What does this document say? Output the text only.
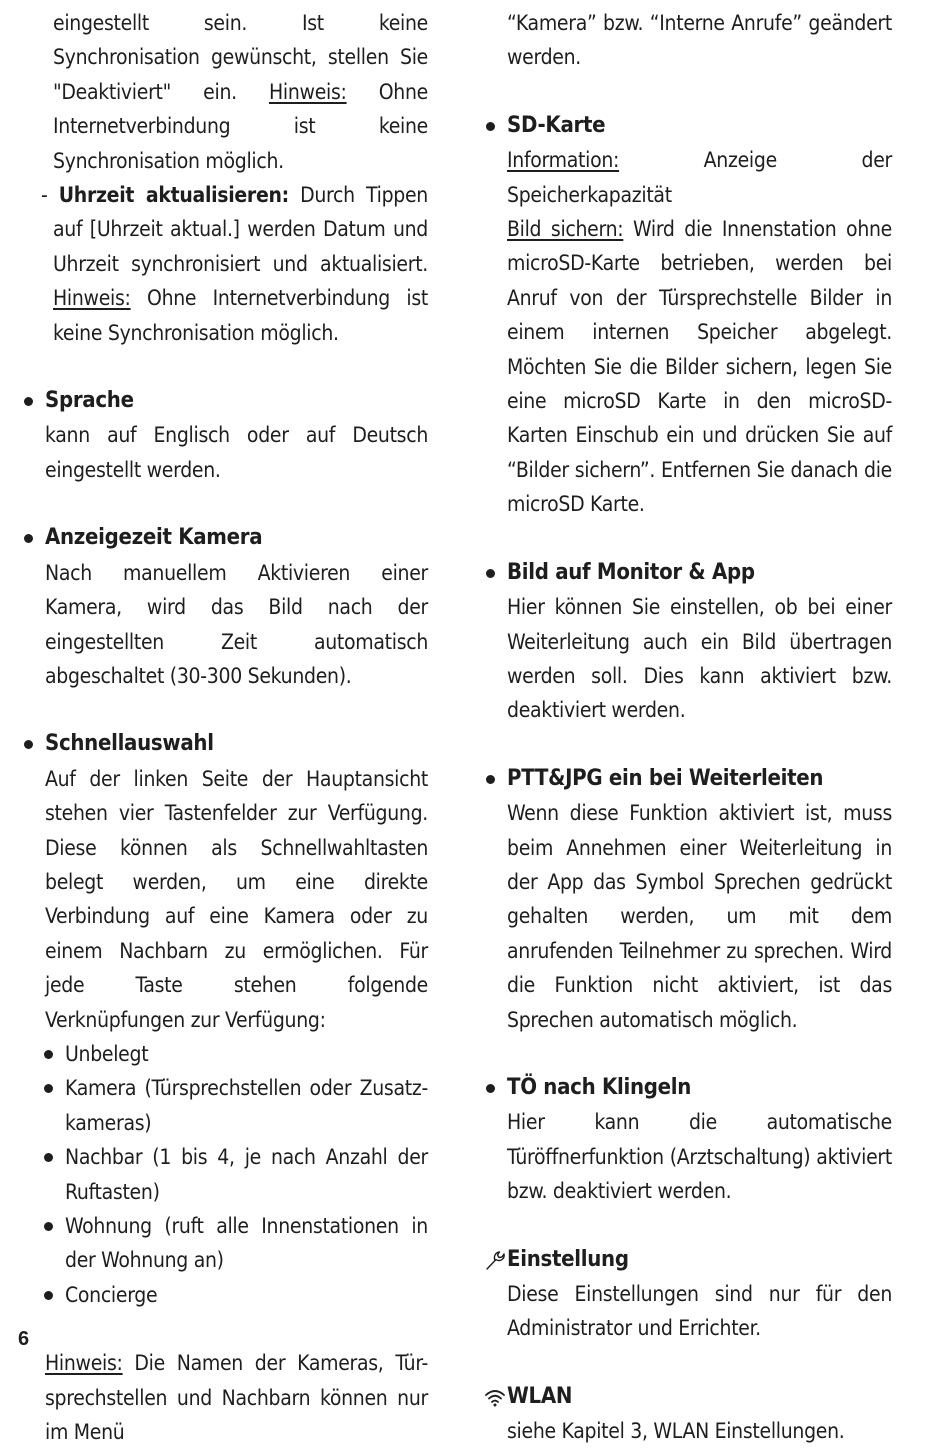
eingestellt sein. Ist keine Synchronisation gewünscht, stellen Sie "Deaktiviert" ein. Hinweis: Ohne Internetverbindung ist keine Synchronisation möglich.

- Uhrzeit aktualisieren: Durch Tippen auf [Uhrzeit aktual.] werden Datum und Uhrzeit synchronisiert und aktualisiert. Hinweis: Ohne Internetverbindung ist keine Synchronisation möglich.

Sprache

kann auf Englisch oder auf Deutsch eingestellt werden.

Anzeigezeit Kamera

Nach manuellem Aktivieren einer Kamera, wird das Bild nach der eingestellten Zeit automatisch abgeschaltet (30-300 Sekunden).

Schnellauswahl

Auf der linken Seite der Hauptansicht stehen vier Tastenfelder zur Verfügung. Diese können als Schnellwahltasten belegt werden, um eine direkte Verbindung auf eine Kamera oder zu einem Nachbarn zu ermöglichen. Für jede Taste stehen folgende Verknüpfungen zur Verfügung:

Unbelegt
Kamera (Türsprechstellen oder Zusatz-kameras)
Nachbar (1 bis 4, je nach Anzahl der Ruftasten)
Wohnung (ruft alle Innenstationen in der Wohnung an)
Concierge

Hinweis: Die Namen der Kameras, Tür-sprechstellen und Nachbarn können nur im Menü

“Kamera” bzw. “Interne Anrufe” geändert werden.

SD-Karte

Information: Anzeige der Speicherkapazität

Bild sichern: Wird die Innenstation ohne microSD-Karte betrieben, werden bei Anruf von der Türsprechstelle Bilder in einem internen Speicher abgelegt. Möchten Sie die Bilder sichern, legen Sie eine microSD Karte in den microSD-Karten Einschub ein und drücken Sie auf “Bilder sichern”. Entfernen Sie danach die microSD Karte.

Bild auf Monitor & App

Hier können Sie einstellen, ob bei einer Weiterleitung auch ein Bild übertragen werden soll. Dies kann aktiviert bzw. deaktiviert werden.

PTT&JPG ein bei Weiterleiten

Wenn diese Funktion aktiviert ist, muss beim Annehmen einer Weiterleitung in der App das Symbol Sprechen gedrückt gehalten werden, um mit dem anrufenden Teilnehmer zu sprechen. Wird die Funktion nicht aktiviert, ist das Sprechen automatisch möglich.

TÖ nach Klingeln

Hier kann die automatische Türöffnerfunktion (Arztschaltung) aktiviert bzw. deaktiviert werden.

Einstellung

Diese Einstellungen sind nur für den Administrator und Errichter.

WLAN

siehe Kapitel 3, WLAN Einstellungen.

6
